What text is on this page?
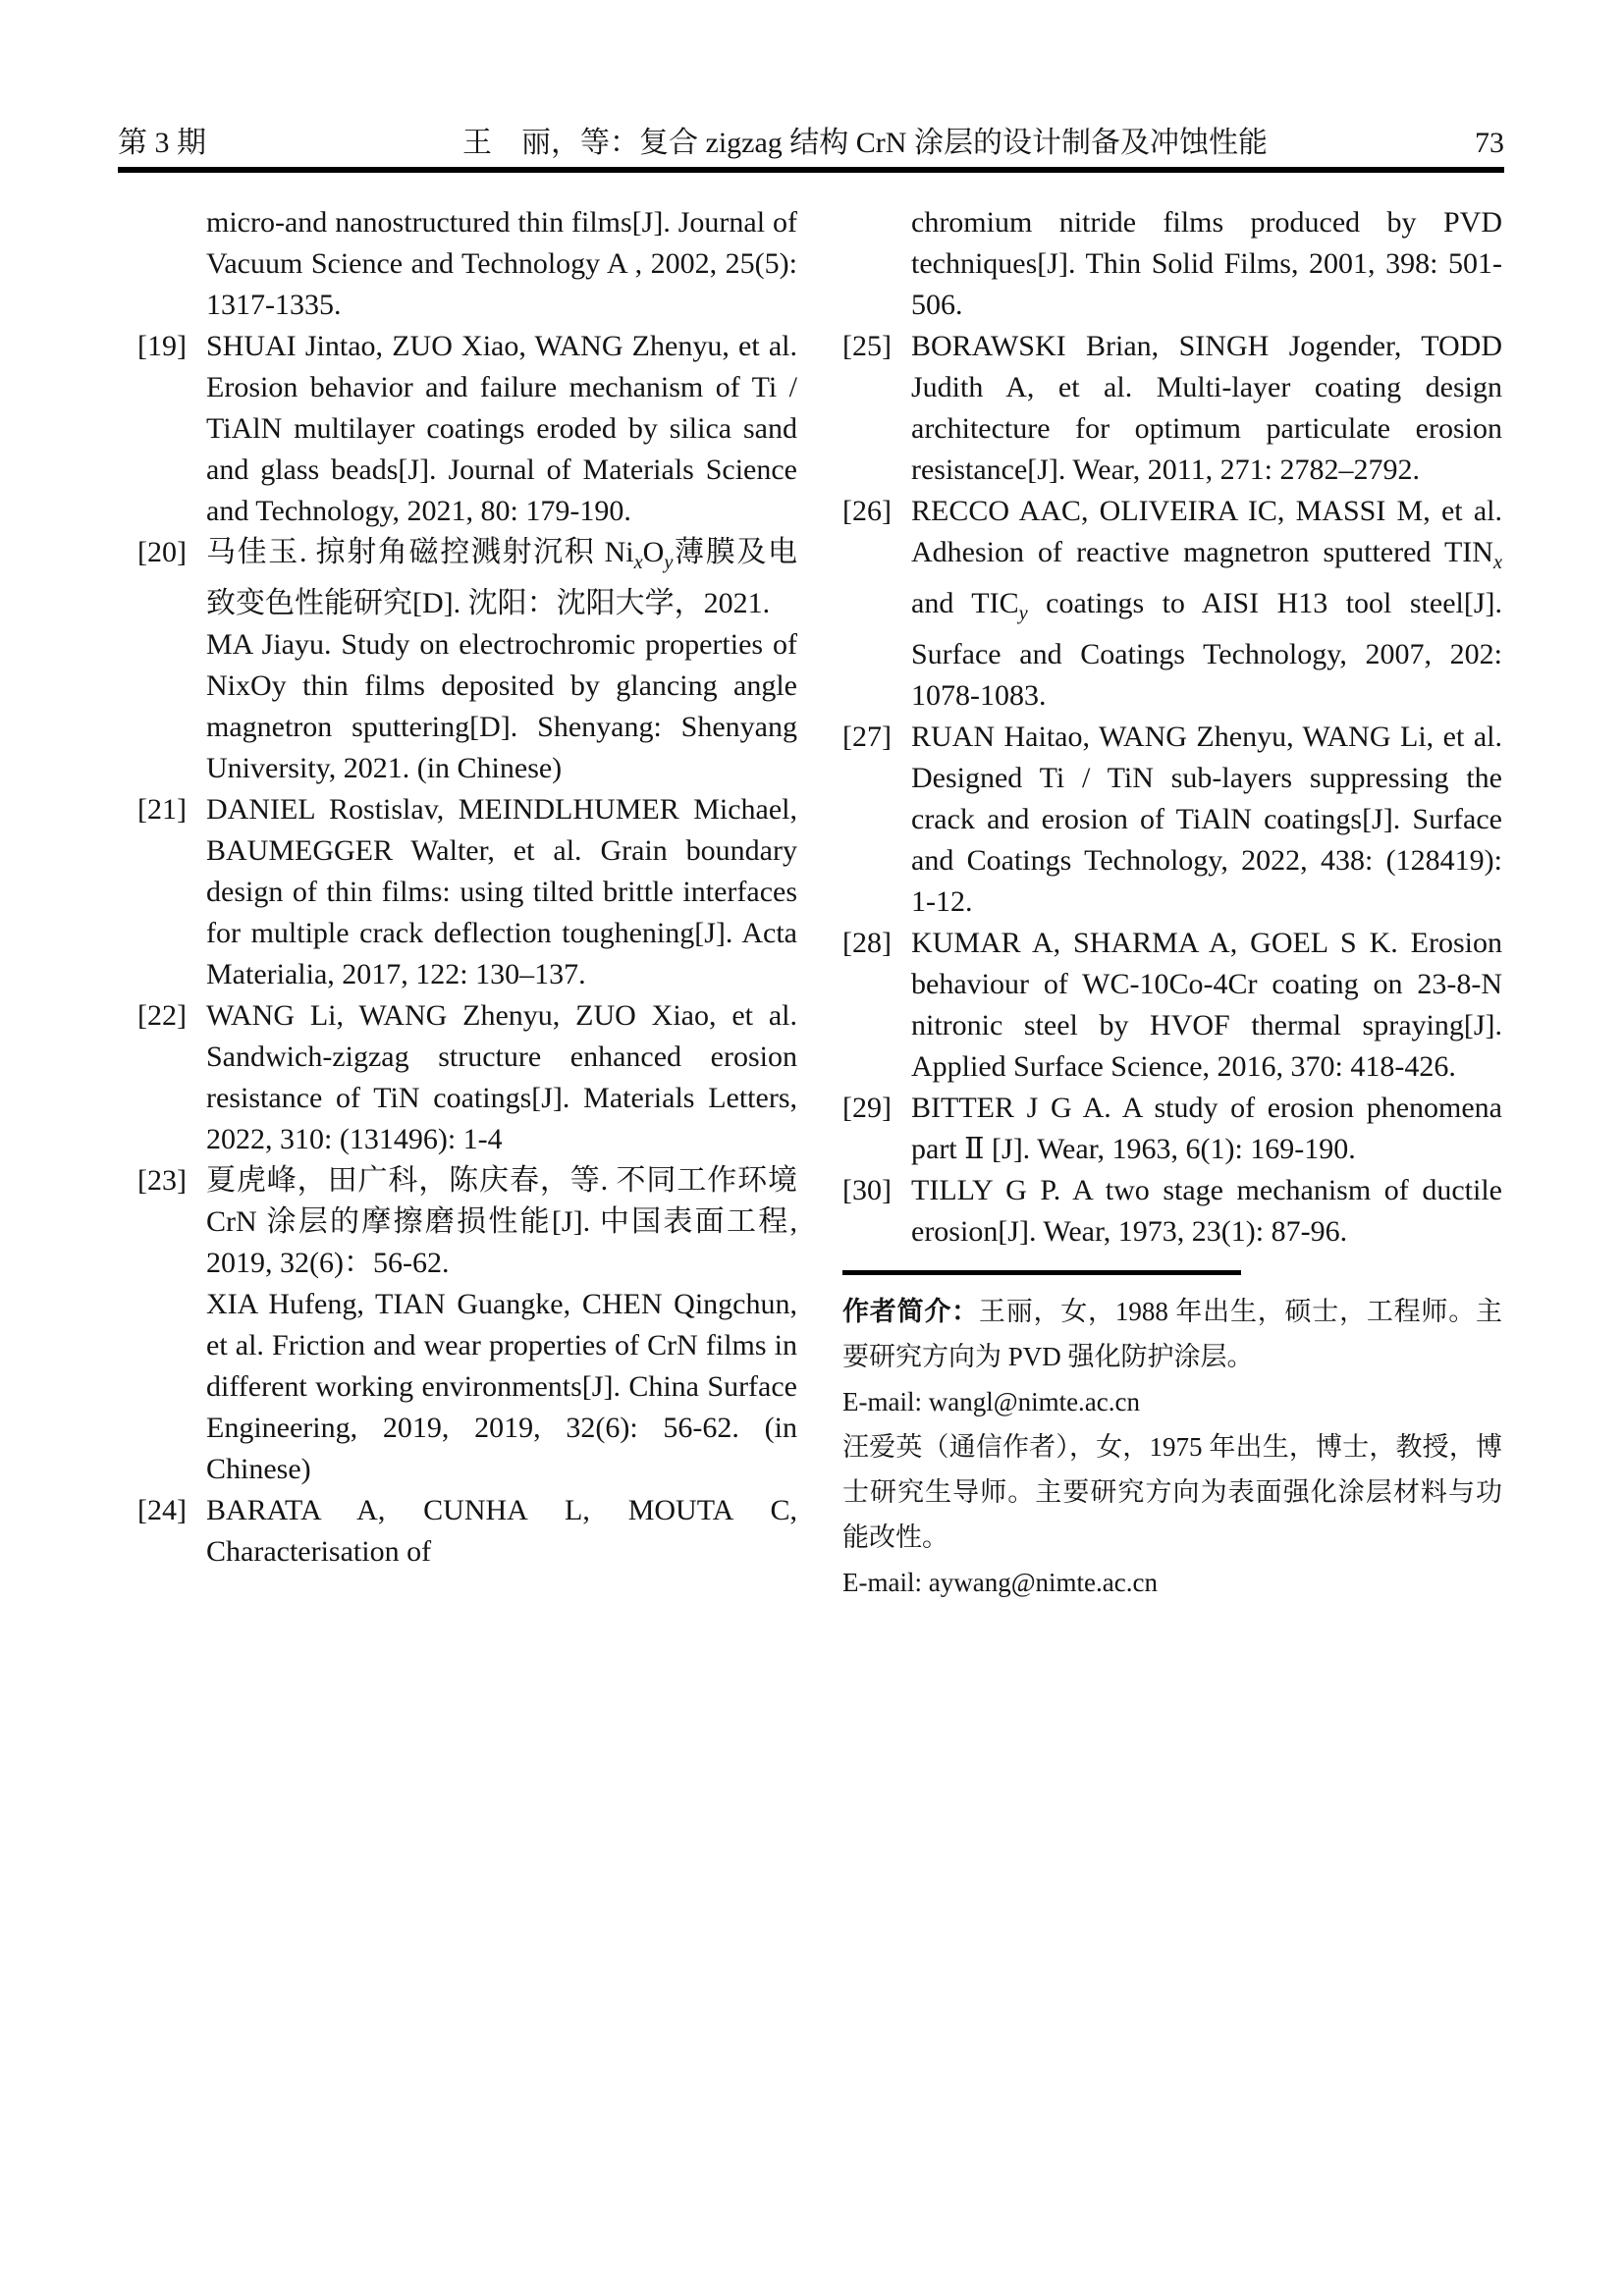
第 3 期	王　丽，等：复合 zigzag 结构 CrN 涂层的设计制备及冲蚀性能	73

micro-and nanostructured thin films[J]. Journal of Vacuum Science and Technology A , 2002, 25(5): 1317-1335.

[19] SHUAI Jintao, ZUO Xiao, WANG Zhenyu, et al. Erosion behavior and failure mechanism of Ti / TiAlN multilayer coatings eroded by silica sand and glass beads[J]. Journal of Materials Science and Technology, 2021, 80: 179-190.

[20] 马佳玉. 掠射角磁控溅射沉积 $Ni_xO_y$薄膜及电致变色性能研究[D]. 沈阳：沈阳大学，2021.

MA Jiayu. Study on electrochromic properties of NixOy thin films deposited by glancing angle magnetron sputtering[D]. Shenyang: Shenyang University, 2021. (in Chinese)

[21] DANIEL Rostislav, MEINDLHUMER Michael, BAUMEGGER Walter, et al. Grain boundary design of thin films: using tilted brittle interfaces for multiple crack deflection toughening[J]. Acta Materialia, 2017, 122: 130–137.

[22] WANG Li, WANG Zhenyu, ZUO Xiao, et al. Sandwich-zigzag structure enhanced erosion resistance of TiN coatings[J]. Materials Letters, 2022, 310: (131496): 1-4

[23] 夏虎峰，田广科，陈庆春，等. 不同工作环境 CrN 涂层的摩擦磨损性能[J]. 中国表面工程, 2019, 32(6)：56-62.

XIA Hufeng, TIAN Guangke, CHEN Qingchun, et al. Friction and wear properties of CrN films in different working environments[J]. China Surface Engineering, 2019, 2019, 32(6): 56-62. (in Chinese)

[24] BARATA A, CUNHA L, MOUTA C, Characterisation of

chromium nitride films produced by PVD techniques[J]. Thin Solid Films, 2001, 398: 501-506.

[25] BORAWSKI Brian, SINGH Jogender, TODD Judith A, et al. Multi-layer coating design architecture for optimum particulate erosion resistance[J]. Wear, 2011, 271: 2782–2792.

[26] RECCO AAC, OLIVEIRA IC, MASSI M, et al. Adhesion of reactive magnetron sputtered $TIN_x$ and $TIC_y$ coatings to AISI H13 tool steel[J]. Surface and Coatings Technology, 2007, 202: 1078-1083.

[27] RUAN Haitao, WANG Zhenyu, WANG Li, et al. Designed Ti / TiN sub-layers suppressing the crack and erosion of TiAlN coatings[J]. Surface and Coatings Technology, 2022, 438: (128419): 1-12.

[28] KUMAR A, SHARMA A, GOEL S K. Erosion behaviour of WC-10Co-4Cr coating on 23-8-N nitronic steel by HVOF thermal spraying[J]. Applied Surface Science, 2016, 370: 418-426.

[29] BITTER J G A. A study of erosion phenomena part Ⅱ [J]. Wear, 1963, 6(1): 169-190.

[30] TILLY G P. A two stage mechanism of ductile erosion[J]. Wear, 1973, 23(1): 87-96.

作者简介：王丽，女，1988 年出生，硕士，工程师。主要研究方向为 PVD 强化防护涂层。

E-mail: wangl@nimte.ac.cn

汪爱英（通信作者），女，1975 年出生，博士，教授，博士研究生导师。主要研究方向为表面强化涂层材料与功能改性。

E-mail: aywang@nimte.ac.cn
